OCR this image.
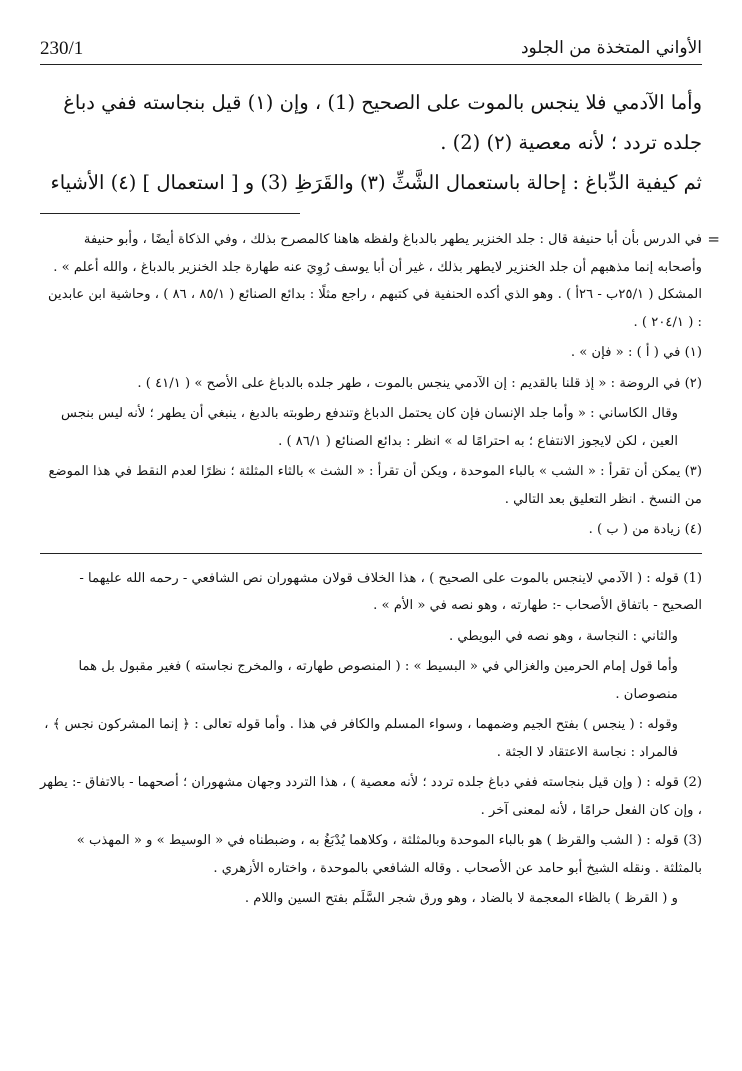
230/1	الأواني المتخذة من الجلود

وأما الآدمي فلا ينجس بالموت على الصحيح (1) ، وإن (١) قيل بنجاسته ففي دباغ جلده تردد ؛ لأنه معصية (٢) (2) .

ثم كيفية الدِّباغ : إحالة باستعمال الشَّثِّ (٣) والقَرَظِ (3) و [ استعمال ] (٤) الأشياء

=
في الدرس بأن أبا حنيفة قال : جلد الخنزير يطهر بالدباغ ولفظه هاهنا كالمصرح بذلك ، وفي الذكاة أيضًا ، وأبو حنيفة وأصحابه إنما مذهبهم أن جلد الخنزير لايطهر بذلك ، غير أن أبا يوسف رُوِيَ عنه طهارة جلد الخنزير بالدباغ ، والله أعلم » . المشكل ( ٢٥/١ب - ٢٦أ ) . وهو الذي أكده الحنفية في كتبهم ، راجع مثلًا : بدائع الصنائع ( ٨٥/١ ، ٨٦ ) ، وحاشية ابن عابدين : ( ٢٠٤/١ ) .

(١) في ( أ ) : « فإن » .

(٢) في الروضة : « إذ قلنا بالقديم : إن الآدمي ينجس بالموت ، طهر جلده بالدباغ على الأصح » ( ٤١/١ ) .

وقال الكاساني : « وأما جلد الإنسان فإن كان يحتمل الدباغ وتندفع رطوبته بالدبغ ، ينبغي أن يطهر ؛ لأنه ليس بنجس العين ، لكن لايجوز الانتفاع ؛ به احترامًا له » انظر : بدائع الصنائع ( ٨٦/١ ) .

(٣) يمكن أن تقرأ : « الشب » بالباء الموحدة ، ويكن أن تقرأ : « الشث » بالثاء المثلثة ؛ نظرًا لعدم النقط في هذا الموضع من النسخ . انظر التعليق بعد التالي .

(٤) زيادة من ( ب ) .

(1) قوله : ( الآدمي لاينجس بالموت على الصحيح ) ، هذا الخلاف قولان مشهوران نص الشافعي - رحمه الله عليهما - الصحيح - باتفاق الأصحاب -: طهارته ، وهو نصه في « الأم » .

والثاني : النجاسة ، وهو نصه في البويطي .

وأما قول إمام الحرمين والغزالي في « البسيط » : ( المنصوص طهارته ، والمخرج نجاسته ) فغير مقبول بل هما منصوصان .

وقوله : ( ينجس ) بفتح الجيم وضمهما ، وسواء المسلم والكافر في هذا . وأما قوله تعالى : ﴿ إنما المشركون نجس ﴾ ، فالمراد : نجاسة الاعتقاد لا الجثة .

(2) قوله : ( وإن قيل بنجاسته ففي دباغ جلده تردد ؛ لأنه معصية ) ، هذا التردد وجهان مشهوران ؛ أصحهما - بالاتفاق -: يطهر ، وإن كان الفعل حرامًا ، لأنه لمعنى آخر .

(3) قوله : ( الشب والقرظ ) هو بالباء الموحدة وبالمثلثة ، وكلاهما يُدْبَغُ به ، وضبطناه في « الوسيط » و « المهذب » بالمثلثة . ونقله الشيخ أبو حامد عن الأصحاب . وقاله الشافعي بالموحدة ، واختاره الأزهري .

و ( القرظ ) بالظاء المعجمة لا بالضاد ، وهو ورق شجر السَّلَم بفتح السين واللام .
